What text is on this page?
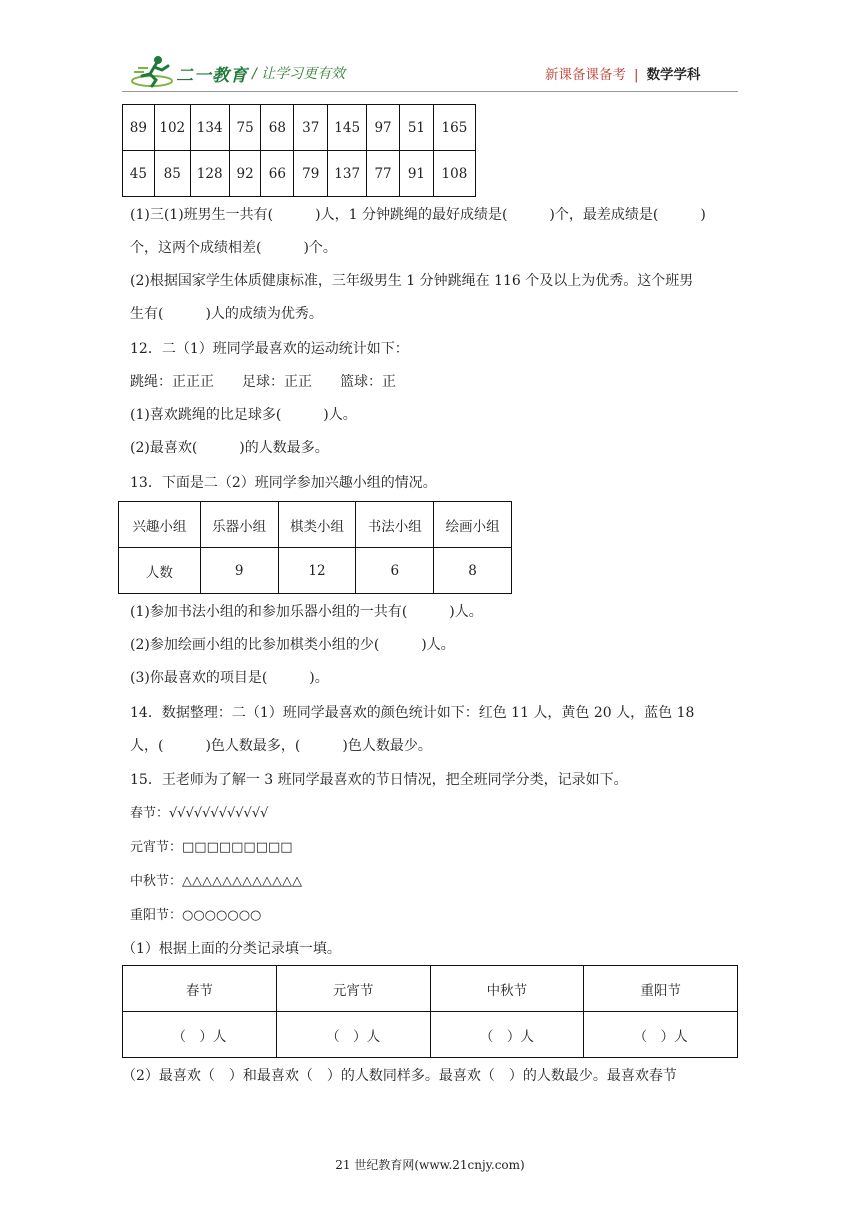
二一教育 / 让学习更有效	新课备课备考 | 数学学科
89	102	134	75	68	37	145	97	51	165
45	85	128	92	66	79	137	77	91	108

(1)三(1)班男生一共有(　　　)人，1 分钟跳绳的最好成绩是(　　　)个，最差成绩是(　　　)

个，这两个成绩相差(　　　)个。

(2)根据国家学生体质健康标准，三年级男生 1 分钟跳绳在 116 个及以上为优秀。这个班男

生有(　　　)人的成绩为优秀。

12．二（1）班同学最喜欢的运动统计如下：

跳绳：正正正　　足球：正正　　篮球：正

(1)喜欢跳绳的比足球多(　　　)人。

(2)最喜欢(　　　)的人数最多。

13．下面是二（2）班同学参加兴趣小组的情况。

兴趣小组	乐器小组	棋类小组	书法小组	绘画小组
人数	9	12	6	8

(1)参加书法小组的和参加乐器小组的一共有(　　　)人。

(2)参加绘画小组的比参加棋类小组的少(　　　)人。

(3)你最喜欢的项目是(　　　)。

14．数据整理：二（1）班同学最喜欢的颜色统计如下：红色 11 人，黄色 20 人，蓝色 18

人，(　　　)色人数最多，(　　　)色人数最少。

15．王老师为了解一 3 班同学最喜欢的节日情况，把全班同学分类，记录如下。

春节：√√√√√√√√√√√√

元宵节：□□□□□□□□□

中秋节：△△△△△△△△△△△△

重阳节：○○○○○○○

（1）根据上面的分类记录填一填。

春节	元宵节	中秋节	重阳节
（　）人	（　）人	（　）人	（　）人

（2）最喜欢（　）和最喜欢（　）的人数同样多。最喜欢（　）的人数最少。最喜欢春节

21 世纪教育网(www.21cnjy.com)
